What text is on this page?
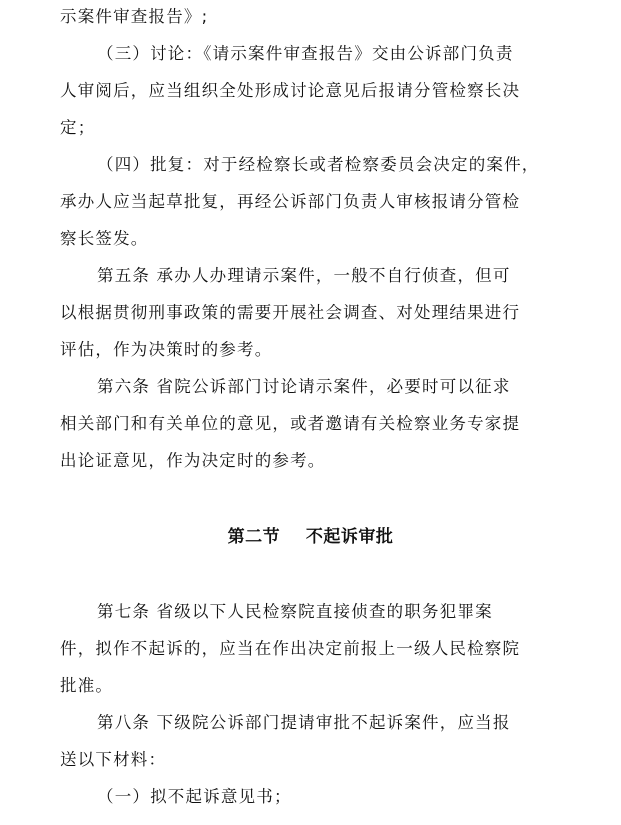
示案件审查报告》;
（三）讨论：《请示案件审查报告》交由公诉部门负责
人审阅后，应当组织全处形成讨论意见后报请分管检察长决
定；
（四）批复：对于经检察长或者检察委员会决定的案件，
承办人应当起草批复，再经公诉部门负责人审核报请分管检
察长签发。
第五条 承办人办理请示案件，一般不自行侦查，但可
以根据贯彻刑事政策的需要开展社会调查、对处理结果进行
评估，作为决策时的参考。
第六条 省院公诉部门讨论请示案件，必要时可以征求
相关部门和有关单位的意见，或者邀请有关检察业务专家提
出论证意见，作为决定时的参考。
第二节    不起诉审批
第七条 省级以下人民检察院直接侦查的职务犯罪案
件，拟作不起诉的，应当在作出决定前报上一级人民检察院
批准。
第八条 下级院公诉部门提请审批不起诉案件，应当报
送以下材料：
（一）拟不起诉意见书；
